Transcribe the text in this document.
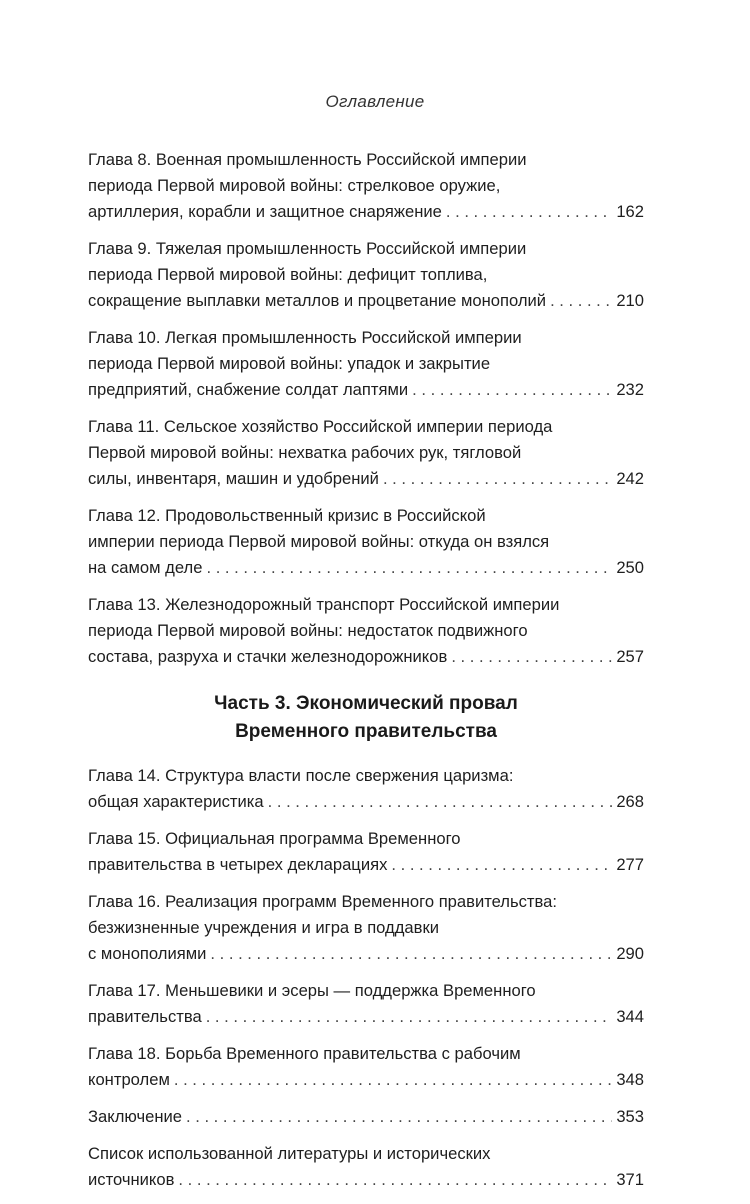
Оглавление
Глава 8. Военная промышленность Российской империи
периода Первой мировой войны: стрелковое оружие,
артиллерия, корабли и защитное снаряжение . . .	162
Глава 9. Тяжелая промышленность Российской империи
периода Первой мировой войны: дефицит топлива,
сокращение выплавки металлов и процветание монополий . . .	210
Глава 10. Легкая промышленность Российской империи
периода Первой мировой войны: упадок и закрытие
предприятий, снабжение солдат лаптями . . .	232
Глава 11. Сельское хозяйство Российской империи периода
Первой мировой войны: нехватка рабочих рук, тягловой
силы, инвентаря, машин и удобрений . . .	242
Глава 12. Продовольственный кризис в Российской
империи периода Первой мировой войны: откуда он взялся
на самом деле . . .	250
Глава 13. Железнодорожный транспорт Российской империи
периода Первой мировой войны: недостаток подвижного
состава, разруха и стачки железнодорожников . . .	257
Часть 3. Экономический провал
Временного правительства
Глава 14. Структура власти после свержения царизма:
общая характеристика . . .	268
Глава 15. Официальная программа Временного
правительства в четырех декларациях . . .	277
Глава 16. Реализация программ Временного правительства:
безжизненные учреждения и игра в поддавки
с монополиями . . .	290
Глава 17. Меньшевики и эсеры — поддержка Временного
правительства . . .	344
Глава 18. Борьба Временного правительства с рабочим
контролем . . .	348
Заключение . . .	353
Список использованной литературы и исторических
источников . . .	371
